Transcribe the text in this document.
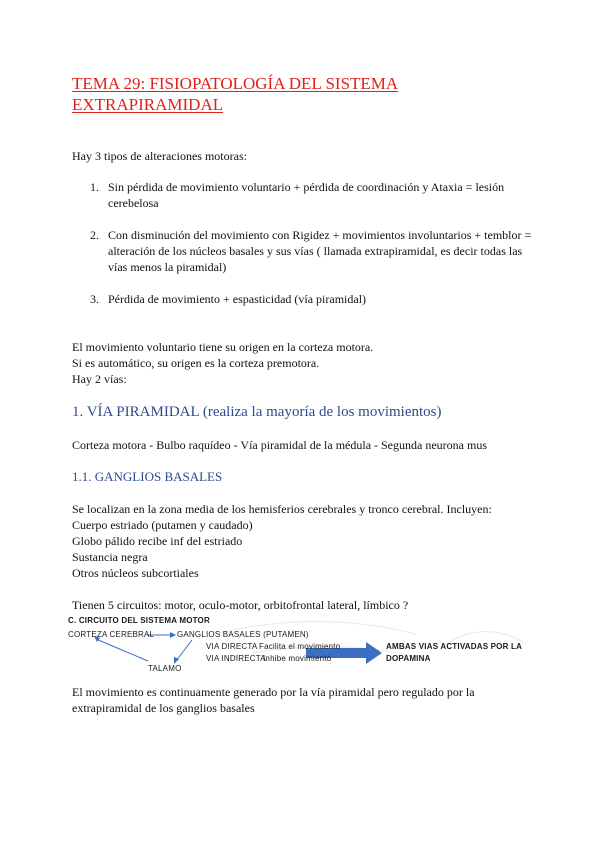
TEMA 29: FISIOPATOLOGÍA DEL SISTEMA
EXTRAPIRAMIDAL
Hay 3 tipos de alteraciones motoras:
1. Sin pérdida de movimiento voluntario + pérdida de coordinación y Ataxia = lesión cerebelosa
2. Con disminución del movimiento con Rigidez + movimientos involuntarios + temblor = alteración de los núcleos basales y sus vías ( llamada extrapiramidal, es decir todas las vías menos la piramidal)
3. Pérdida de movimiento + espasticidad (vía piramidal)
El movimiento voluntario tiene su origen en la corteza motora.
Si es automático, su origen es la corteza premotora.
Hay 2 vías:
1. VÍA PIRAMIDAL (realiza la mayoría de los movimientos)
Corteza motora - Bulbo raquídeo - Vía piramidal de la médula - Segunda neurona mus
1.1. GANGLIOS BASALES
Se localizan en la zona media de los hemisferios cerebrales y tronco cerebral. Incluyen:
Cuerpo estriado (putamen y caudado)
Globo pálido recibe inf del estriado
Sustancia negra
Otros núcleos subcortiales
Tienen 5 circuitos: motor, oculo-motor, orbitofrontal lateral, límbico ?
C. CIRCUITO DEL SISTEMA MOTOR
CORTEZA CEREBRAL	GANGLIOS BASALES (PUTAMEN)
VIA DIRECTA Facilita el movimiento
VIA INDIRECTA
Inhibe movimiento
TALAMO
AMBAS VIAS ACTIVADAS POR LA
DOPAMINA
El movimiento es continuamente generado por la vía piramidal pero regulado por la
extrapiramidal de los ganglios basales
